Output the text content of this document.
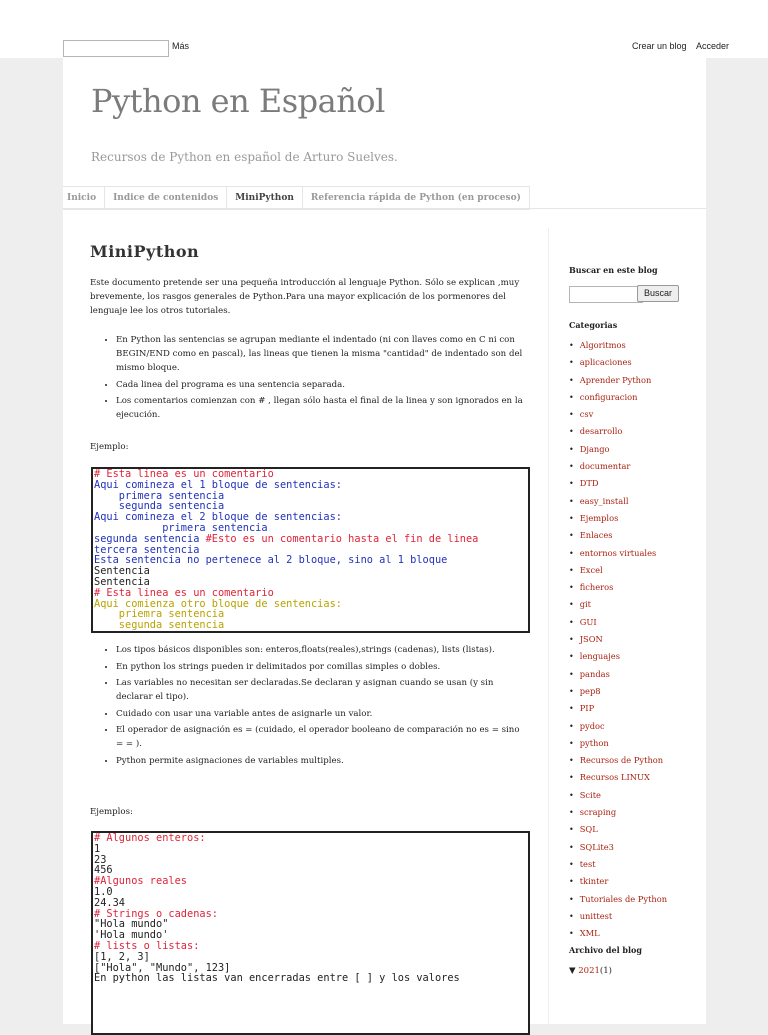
Más	Crear un blog Acceder
Python en Español
Recursos de Python en español de Arturo Suelves.
Inicio	Indice de contenidos	MiniPython	Referencia rápida de Python (en proceso)
MiniPython
Este documento pretende ser una pequeña introducción al lenguaje Python. Sólo se explican ,muy brevemente, los rasgos generales de Python.Para una mayor explicación de los pormenores del lenguaje lee los otros tutoriales.
• En Python las sentencias se agrupan mediante el indentado (ni con llaves como en C ni con BEGIN/END como en pascal), las lineas que tienen la misma "cantidad" de indentado son del mismo bloque.
• Cada linea del programa es una sentencia separada.
• Los comentarios comienzan con # , llegan sólo hasta el final de la linea y son ignorados en la ejecución.
Ejemplo:
# Esta linea es un comentario
Aqui comineza el 1 bloque de sentencias:
primera sentencia
segunda sentencia
Aqui comineza el 2 bloque de sentencias:
primera sentencia
segunda sentencia #Esto es un comentario hasta el fin de linea
tercera sentencia
Esta sentencia no pertenece al 2 bloque, sino al 1 bloque
Sentencia
Sentencia
# Esta linea es un comentario
Aqui comienza otro bloque de sentencias:
priemra sentencia
segunda sentencia
• Los tipos básicos disponibles son: enteros,floats(reales),strings (cadenas), lists (listas).
• En python los strings pueden ir delimitados por comillas simples o dobles.
• Las variables no necesitan ser declaradas.Se declaran y asignan cuando se usan (y sin declarar el tipo).
• Cuidado con usar una variable antes de asignarle un valor.
• El operador de asignación es = (cuidado, el operador booleano de comparación no es = sino = = ).
• Python permite asignaciones de variables multiples.
Ejemplos:
# Algunos enteros:
1
23
456
#Algunos reales
1.0
24.34
# Strings o cadenas:
"Hola mundo"
'Hola mundo'
# lists o listas:
[1, 2, 3]
["Hola", "Mundo", 123]
En python las listas van encerradas entre [ ] y los valores
Buscar en este blog
Buscar
Categorias
• Algoritmos
• aplicaciones
• Aprender Python
• configuracion
• csv
• desarrollo
• Django
• documentar
• DTD
• easy_install
• Ejemplos
• Enlaces
• entornos virtuales
• Excel
• ficheros
• git
• GUI
• JSON
• lenguajes
• pandas
• pep8
• PIP
• pydoc
• python
• Recursos de Python
• Recursos LINUX
• Scite
• scraping
• SQL
• SQLite3
• test
• tkinter
• Tutoriales de Python
• unittest
• XML
Archivo del blog
▼ 2021(1)
